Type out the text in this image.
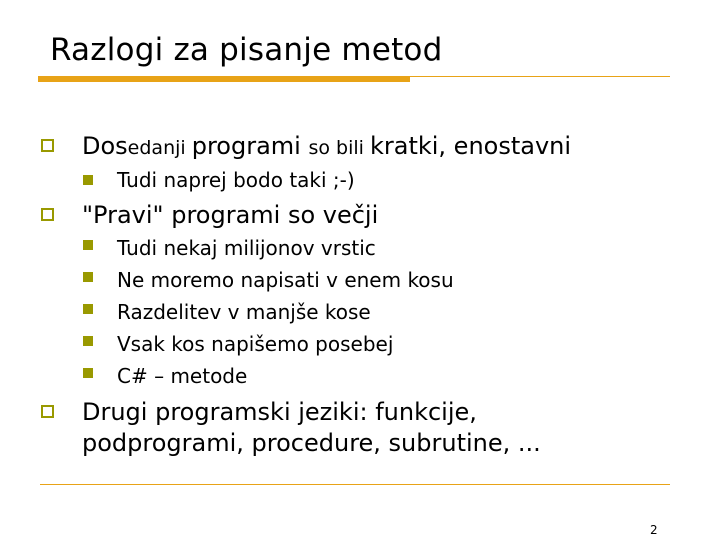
Razlogi za pisanje metod
Dosedanji programi so bili kratki, enostavni
Tudi naprej bodo taki ;-)
"Pravi" programi so večji
Tudi nekaj milijonov vrstic
Ne moremo napisati v enem kosu
Razdelitev v manjše kose
Vsak kos napišemo posebej
C# – metode
Drugi programski jeziki: funkcije,
podprogrami, procedure, subrutine, ...
2
